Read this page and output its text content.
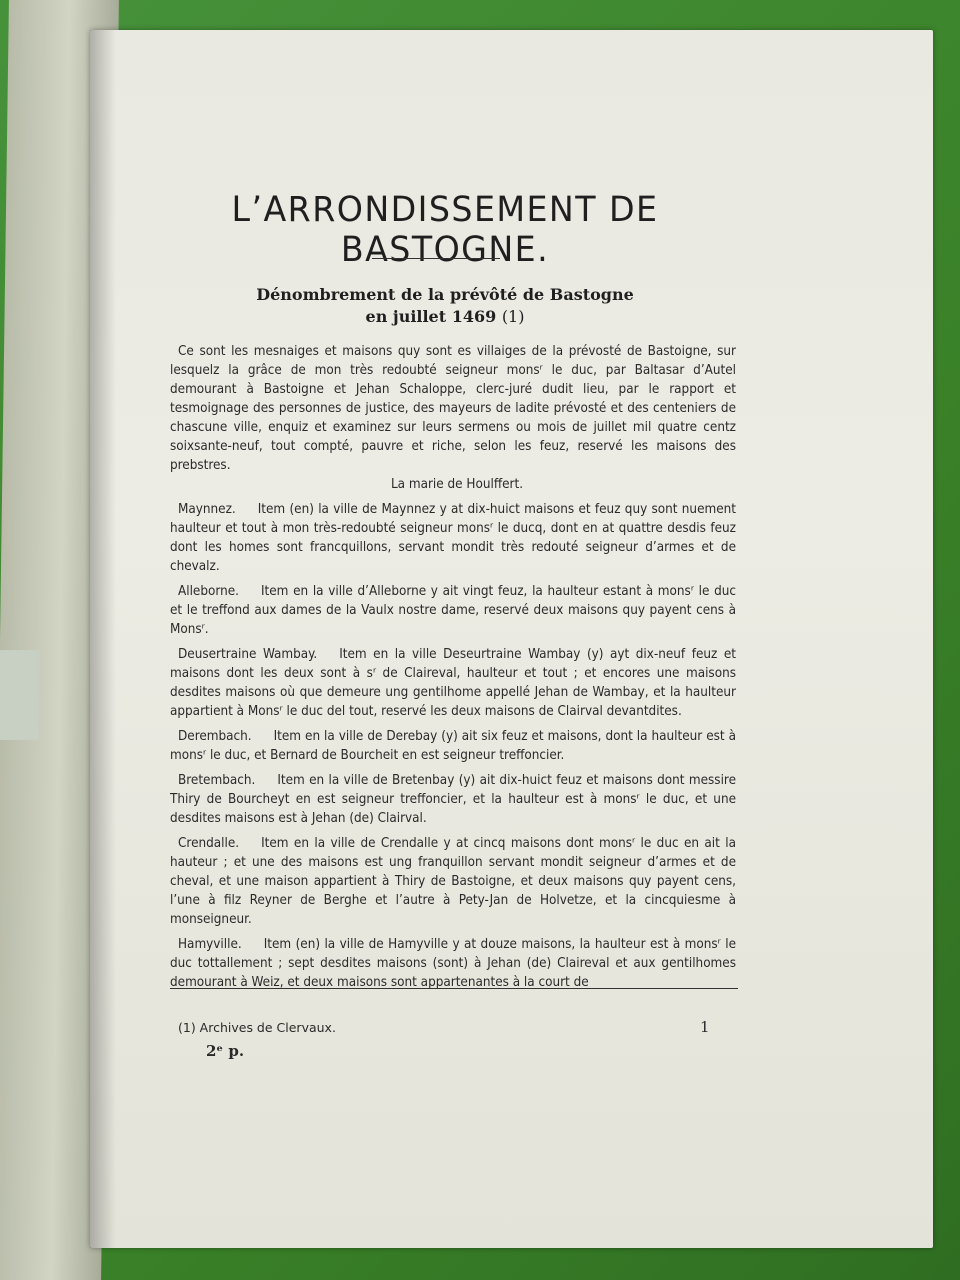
L’ARRONDISSEMENT DE BASTOGNE.
Dénombrement de la prévôté de Bastogne
en juillet 1469 (1)

Ce sont les mesnaiges et maisons quy sont es villaiges de la prévosté de Bastoigne, sur lesquelz la grâce de mon très redoubté seigneur monsʳ le duc, par Baltasar d’Autel demourant à Bastoigne et Jehan Schaloppe, clerc-juré dudit lieu, par le rapport et tesmoignage des personnes de justice, des mayeurs de ladite prévosté et des centeniers de chascune ville, enquiz et examinez sur leurs sermens ou mois de juillet mil quatre centz soixsante-neuf, tout compté, pauvre et riche, selon les feuz, reservé les maisons des prebstres.

La marie de Houlffert.

Maynnez. Item (en) la ville de Maynnez y at dix-huict maisons et feuz quy sont nuement haulteur et tout à mon très-redoubté seigneur monsʳ le ducq, dont en at quattre desdis feuz dont les homes sont francquillons, servant mondit très redouté seigneur d’armes et de chevalz.

Alleborne. Item en la ville d’Alleborne y ait vingt feuz, la haulteur estant à monsʳ le duc et le treffond aux dames de la Vaulx nostre dame, reservé deux maisons quy payent cens à Monsʳ.

Deusertraine Wambay. Item en la ville Deseurtraine Wambay (y) ayt dix-neuf feuz et maisons dont les deux sont à sʳ de Claireval, haulteur et tout ; et encores une maisons desdites maisons où que demeure ung gentilhome appellé Jehan de Wambay, et la haulteur appartient à Monsʳ le duc del tout, reservé les deux maisons de Clairval devantdites.

Derembach. Item en la ville de Derebay (y) ait six feuz et maisons, dont la haulteur est à monsʳ le duc, et Bernard de Bourcheit en est seigneur treffoncier.

Bretembach. Item en la ville de Bretenbay (y) ait dix-huict feuz et maisons dont messire Thiry de Bourcheyt en est seigneur treffoncier, et la haulteur est à monsʳ le duc, et une desdites maisons est à Jehan (de) Clairval.

Crendalle. Item en la ville de Crendalle y at cincq maisons dont monsʳ le duc en ait la hauteur ; et une des maisons est ung franquillon servant mondit seigneur d’armes et de cheval, et une maison appartient à Thiry de Bastoigne, et deux maisons quy payent cens, l’une à filz Reyner de Berghe et l’autre à Pety-Jan de Holvetze, et la cincquiesme à monseigneur.

Hamyville. Item (en) la ville de Hamyville y at douze maisons, la haulteur est à monsʳ le duc tottallement ; sept desdites maisons (sont) à Jehan (de) Claireval et aux gentilhomes demourant à Weiz, et deux maisons sont appartenantes à la court de

(1) Archives de Clervaux.	1
2ᵉ p.
